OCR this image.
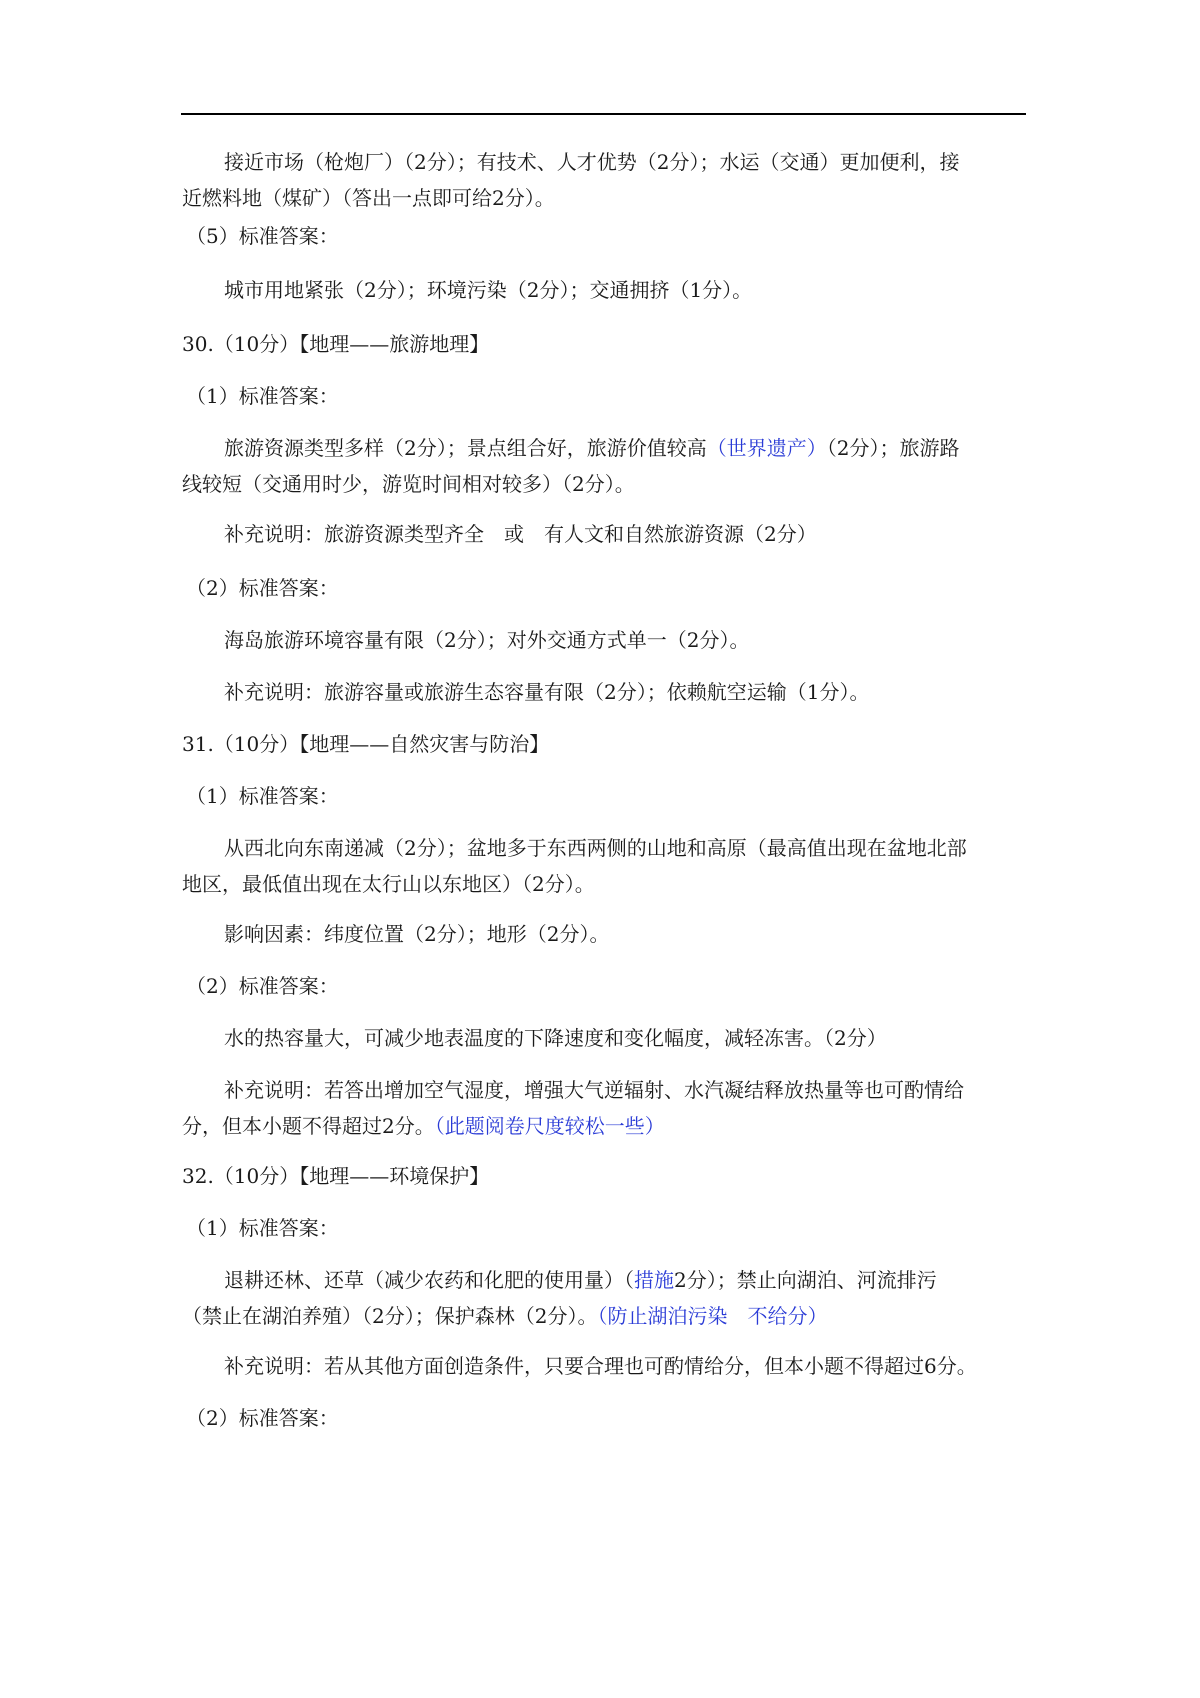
接近市场（枪炮厂）（2分）；有技术、人才优势（2分）；水运（交通）更加便利，接
近燃料地（煤矿）（答出一点即可给2分）。
（5）标准答案：
城市用地紧张（2分）；环境污染（2分）；交通拥挤（1分）。
30.（10分）【地理——旅游地理】
（1）标准答案：
旅游资源类型多样（2分）；景点组合好，旅游价值较高（世界遗产）（2分）；旅游路
线较短（交通用时少，游览时间相对较多）（2分）。
补充说明：旅游资源类型齐全　或　有人文和自然旅游资源（2分）
（2）标准答案：
海岛旅游环境容量有限（2分）；对外交通方式单一（2分）。
补充说明：旅游容量或旅游生态容量有限（2分）；依赖航空运输（1分）。
31.（10分）【地理——自然灾害与防治】
（1）标准答案：
从西北向东南递减（2分）；盆地多于东西两侧的山地和高原（最高值出现在盆地北部
地区，最低值出现在太行山以东地区）（2分）。
影响因素：纬度位置（2分）；地形（2分）。
（2）标准答案：
水的热容量大，可减少地表温度的下降速度和变化幅度，减轻冻害。（2分）
补充说明：若答出增加空气湿度，增强大气逆辐射、水汽凝结释放热量等也可酌情给
分，但本小题不得超过2分。（此题阅卷尺度较松一些）
32.（10分）【地理——环境保护】
（1）标准答案：
退耕还林、还草（减少农药和化肥的使用量）（措施2分）；禁止向湖泊、河流排污
（禁止在湖泊养殖）（2分）；保护森林（2分）。（防止湖泊污染　不给分）
补充说明：若从其他方面创造条件，只要合理也可酌情给分，但本小题不得超过6分。
（2）标准答案：
